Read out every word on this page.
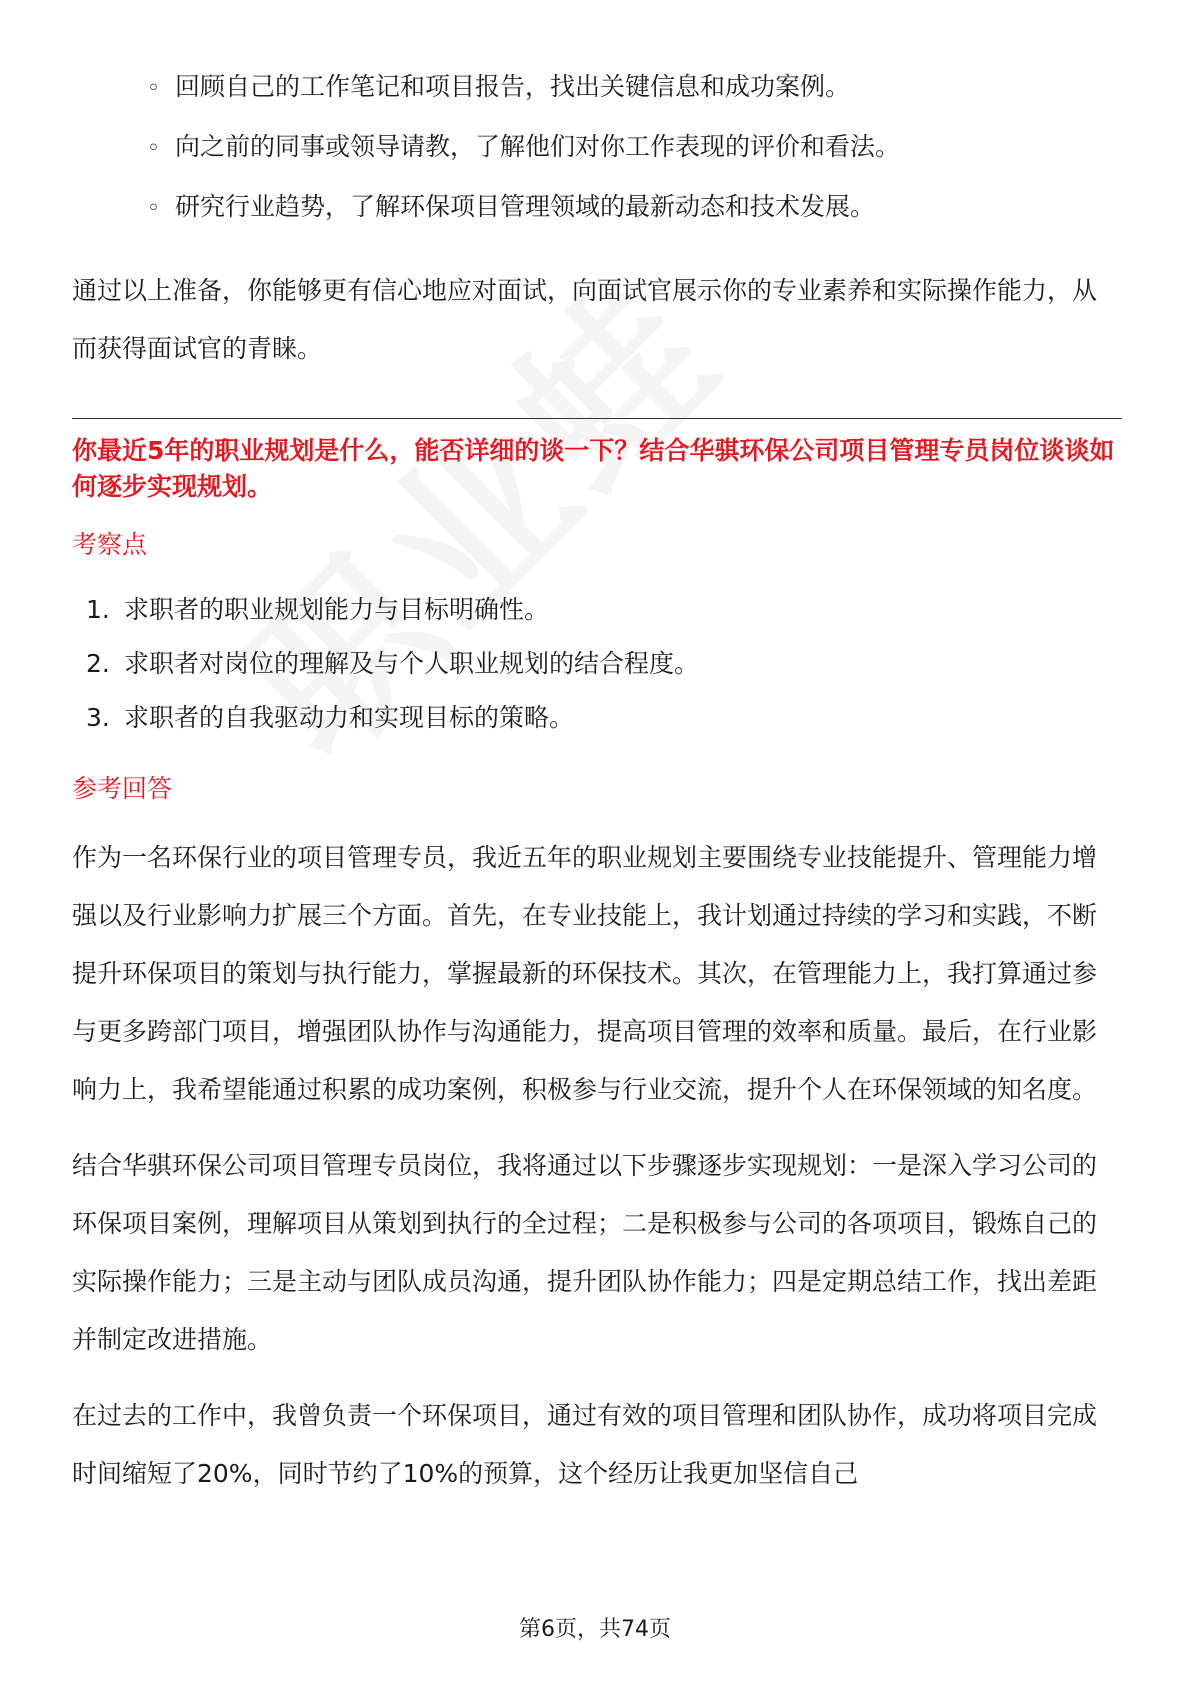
◦ 回顾自己的工作笔记和项目报告，找出关键信息和成功案例。
◦ 向之前的同事或领导请教，了解他们对你工作表现的评价和看法。
◦ 研究行业趋势，了解环保项目管理领域的最新动态和技术发展。

通过以上准备，你能够更有信心地应对面试，向面试官展示你的专业素养和实际操作能力，从而获得面试官的青睐。

你最近5年的职业规划是什么，能否详细的谈一下？结合华骐环保公司项目管理专员岗位谈谈如何逐步实现规划。

考察点

1. 求职者的职业规划能力与目标明确性。
2. 求职者对岗位的理解及与个人职业规划的结合程度。
3. 求职者的自我驱动力和实现目标的策略。

参考回答

作为一名环保行业的项目管理专员，我近五年的职业规划主要围绕专业技能提升、管理能力增强以及行业影响力扩展三个方面。首先，在专业技能上，我计划通过持续的学习和实践，不断提升环保项目的策划与执行能力，掌握最新的环保技术。其次，在管理能力上，我打算通过参与更多跨部门项目，增强团队协作与沟通能力，提高项目管理的效率和质量。最后，在行业影响力上，我希望能通过积累的成功案例，积极参与行业交流，提升个人在环保领域的知名度。

结合华骐环保公司项目管理专员岗位，我将通过以下步骤逐步实现规划：一是深入学习公司的环保项目案例，理解项目从策划到执行的全过程；二是积极参与公司的各项项目，锻炼自己的实际操作能力；三是主动与团队成员沟通，提升团队协作能力；四是定期总结工作，找出差距并制定改进措施。

在过去的工作中，我曾负责一个环保项目，通过有效的项目管理和团队协作，成功将项目完成时间缩短了20%，同时节约了10%的预算，这个经历让我更加坚信自己

第6页，共74页
